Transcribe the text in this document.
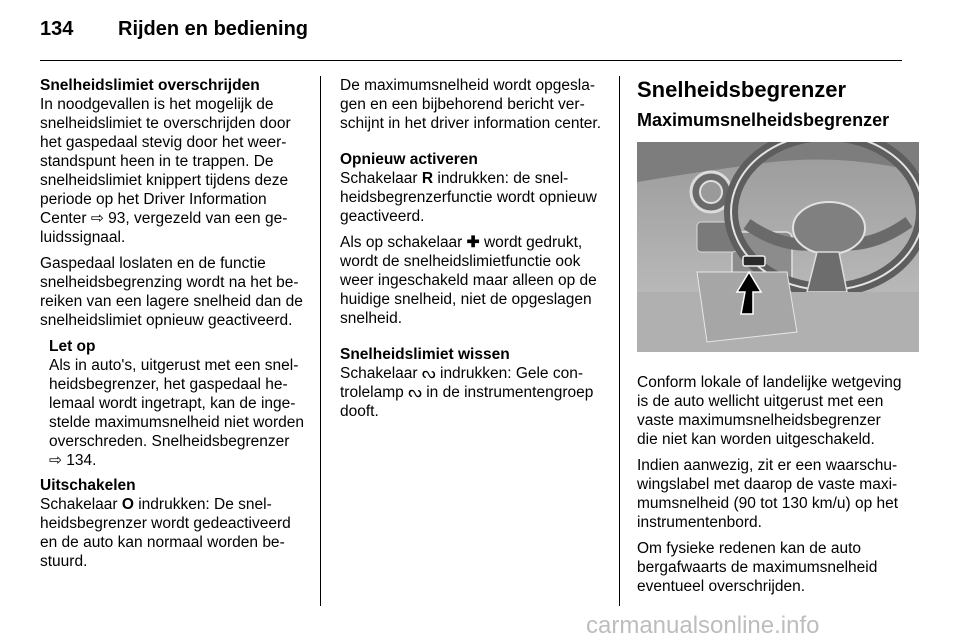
134 Rijden en bediening
Snelheidslimiet overschrijden

In noodgevallen is het mogelijk de snelheidslimiet te overschrijden door het gaspedaal stevig door het weerstandspunt heen in te trappen. De snelheidslimiet knippert tijdens deze periode op het Driver Information Center ⇨ 93, vergezeld van een geluidssignaal.

Gaspedaal loslaten en de functie snelheidsbegrenzing wordt na het bereiken van een lagere snelheid dan de snelheidslimiet opnieuw geactiveerd.

Let op
Als in auto's, uitgerust met een snelheidsbegrenzer, het gaspedaal helemaal wordt ingetrapt, kan de ingestelde maximumsnelheid niet worden overschreden. Snelheidsbegrenzer ⇨ 134.
Uitschakelen

Schakelaar O indrukken: De snelheidsbegrenzer wordt gedeactiveerd en de auto kan normaal worden bestuurd.

De maximumsnelheid wordt opgeslagen en een bijbehorend bericht verschijnt in het driver information center.

Opnieuw activeren

Schakelaar R indrukken: de snelheidsbegrenzerfunctie wordt opnieuw geactiveerd.

Als op schakelaar ✚ wordt gedrukt, wordt de snelheidslimietfunctie ook weer ingeschakeld maar alleen op de huidige snelheid, niet de opgeslagen snelheid.

Snelheidslimiet wissen

Schakelaar ᔓ indrukken: Gele controlelamp ᔓ in de instrumentengroep dooft.

Snelheidsbegrenzer
Maximumsnelheidsbegrenzer

Conform lokale of landelijke wetgeving is de auto wellicht uitgerust met een vaste maximumsnelheidsbegrenzer die niet kan worden uitgeschakeld.

Indien aanwezig, zit er een waarschuwingslabel met daarop de vaste maximumsnelheid (90 tot 130 km/u) op het instrumentenbord.

Om fysieke redenen kan de auto bergafwaarts de maximumsnelheid eventueel overschrijden.

carmanualsonline.info
